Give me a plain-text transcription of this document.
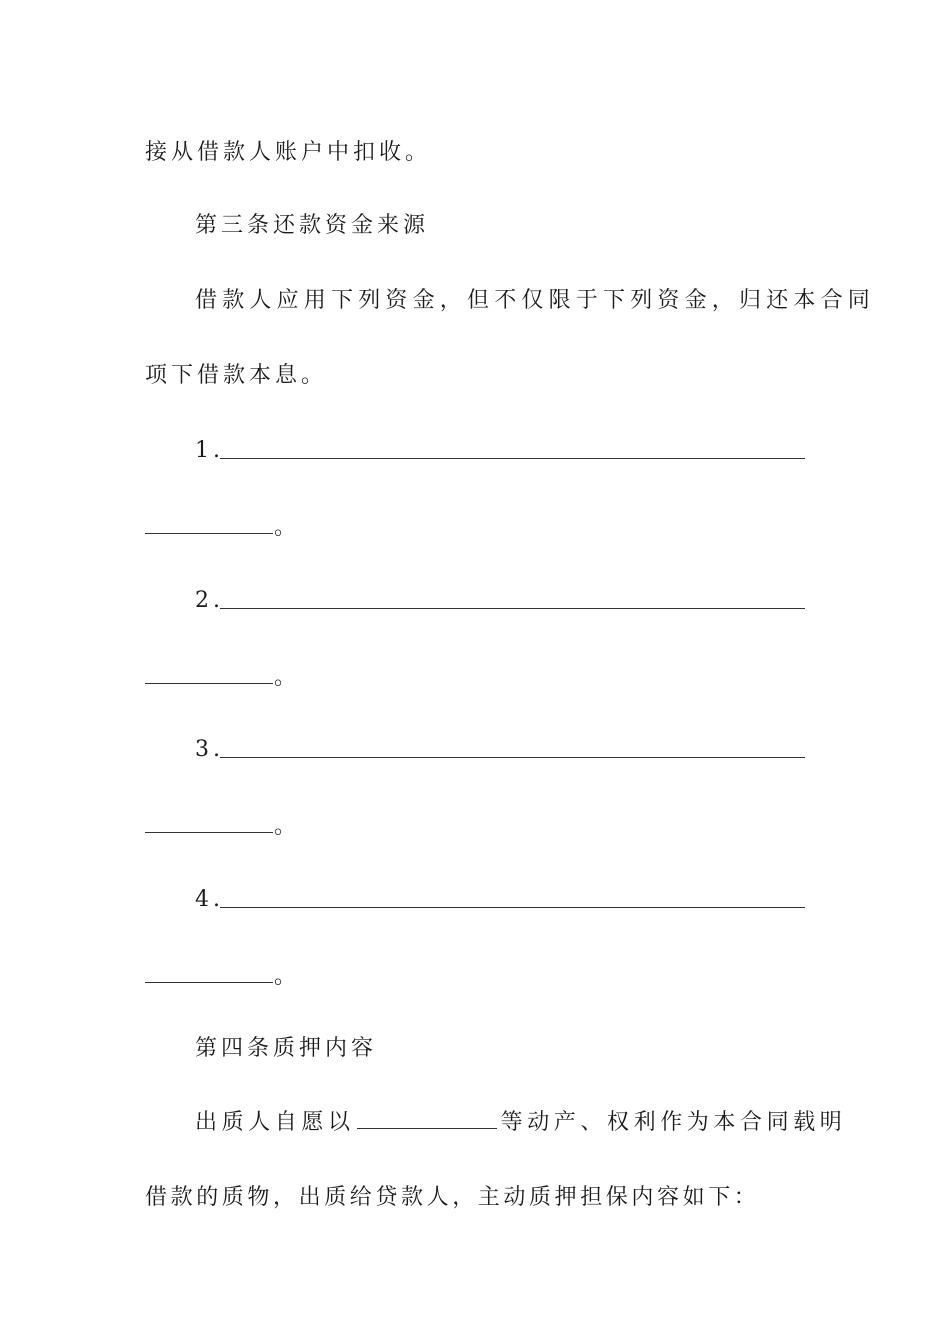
接从借款人账户中扣收。
第三条还款资金来源
借款人应用下列资金，但不仅限于下列资金，归还本合同
项下借款本息。
1.
。
2.
。
3.
。
4.
。
第四条质押内容
出质人自愿以	等动产、权利作为本合同载明
借款的质物，出质给贷款人，主动质押担保内容如下：
